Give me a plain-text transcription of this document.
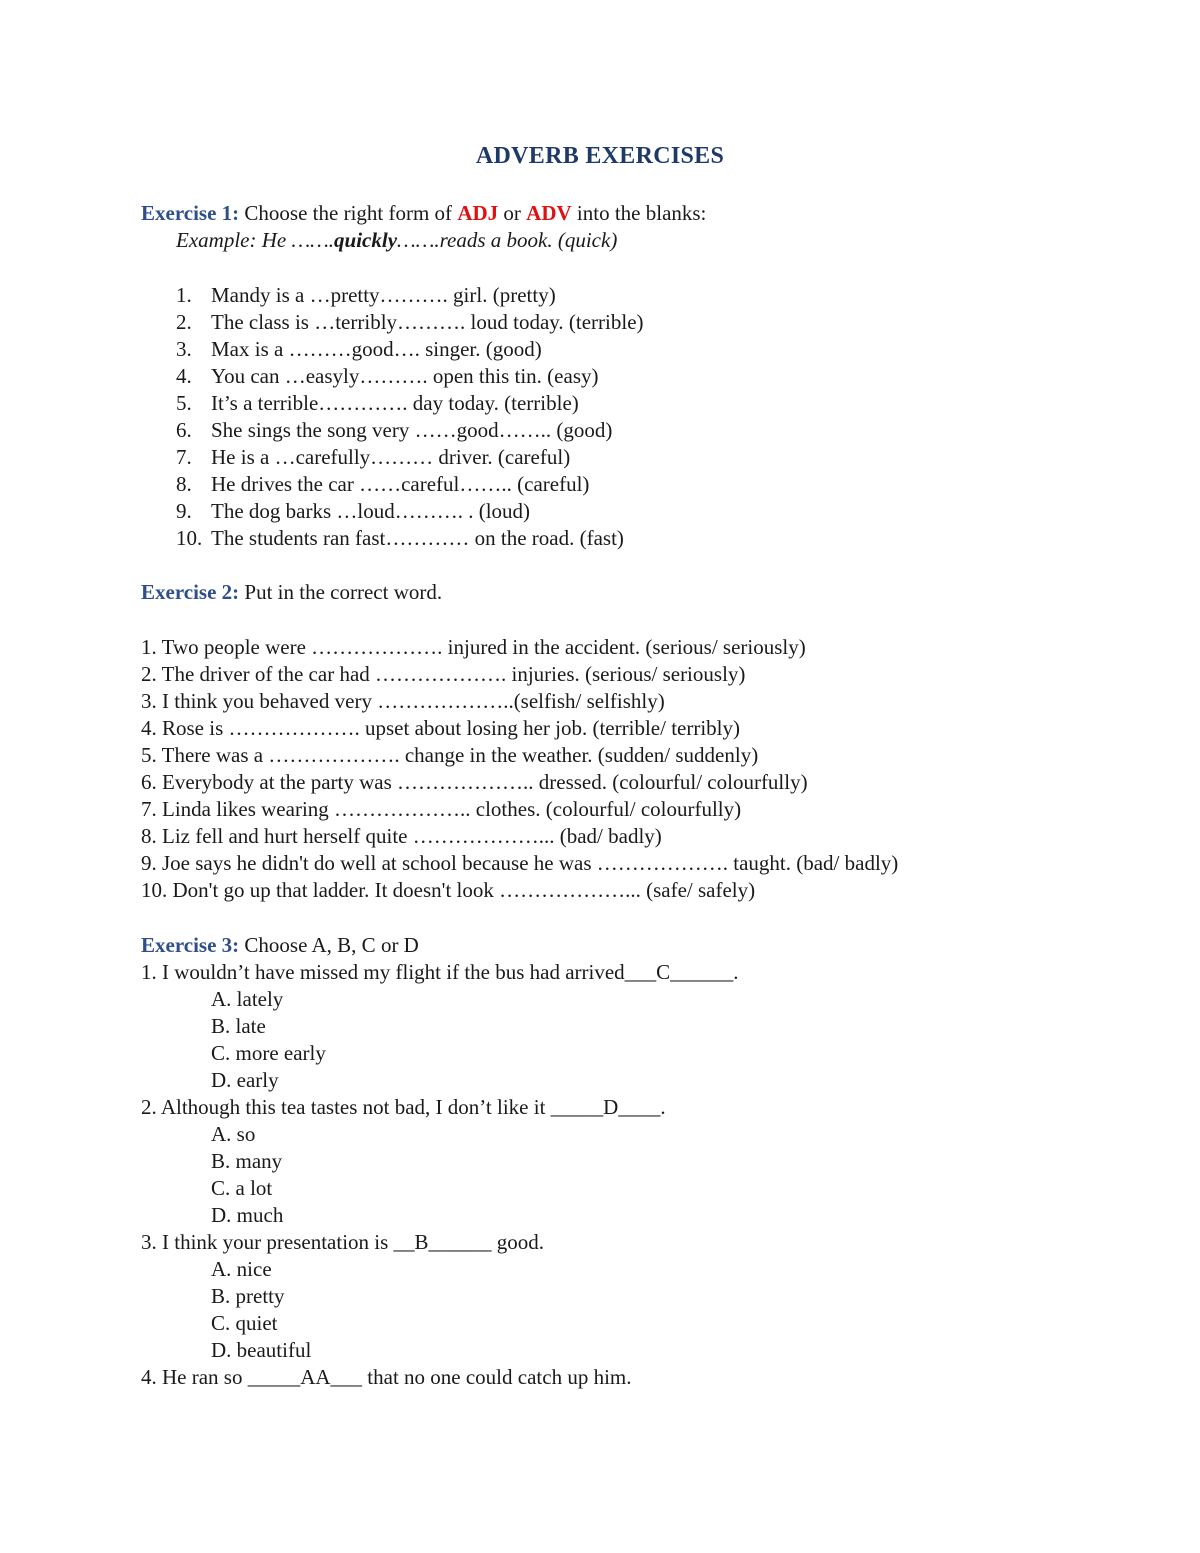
ADVERB EXERCISES
Exercise 1: Choose the right form of ADJ or ADV into the blanks:
Example: He …….quickly…….reads a book. (quick)
1. Mandy is a …pretty………. girl. (pretty)
2. The class is …terribly………. loud today. (terrible)
3. Max is a ………good…. singer. (good)
4. You can …easyly………. open this tin. (easy)
5. It’s a terrible…………. day today. (terrible)
6. She sings the song very ……good…….. (good)
7. He is a …carefully……… driver. (careful)
8. He drives the car ……careful…….. (careful)
9. The dog barks …loud………. . (loud)
10. The students ran fast………… on the road. (fast)
Exercise 2: Put in the correct word.
1. Two people were ………………. injured in the accident. (serious/ seriously)
2. The driver of the car had ………………. injuries. (serious/ seriously)
3. I think you behaved very ………………..(selfish/ selfishly)
4. Rose is ………………. upset about losing her job. (terrible/ terribly)
5. There was a ………………. change in the weather. (sudden/ suddenly)
6. Everybody at the party was ……………….. dressed. (colourful/ colourfully)
7. Linda likes wearing ……………….. clothes. (colourful/ colourfully)
8. Liz fell and hurt herself quite ………………... (bad/ badly)
9. Joe says he didn't do well at school because he was ………………. taught. (bad/ badly)
10. Don't go up that ladder. It doesn't look ………………... (safe/ safely)
Exercise 3: Choose A, B, C or D
1. I wouldn’t have missed my flight if the bus had arrived___C______.
A. lately
B. late
C. more early
D. early
2. Although this tea tastes not bad, I don’t like it _____D____.
A. so
B. many
C. a lot
D. much
3. I think your presentation is __B______ good.
A. nice
B. pretty
C. quiet
D. beautiful
4. He ran so _____AA___ that no one could catch up him.
